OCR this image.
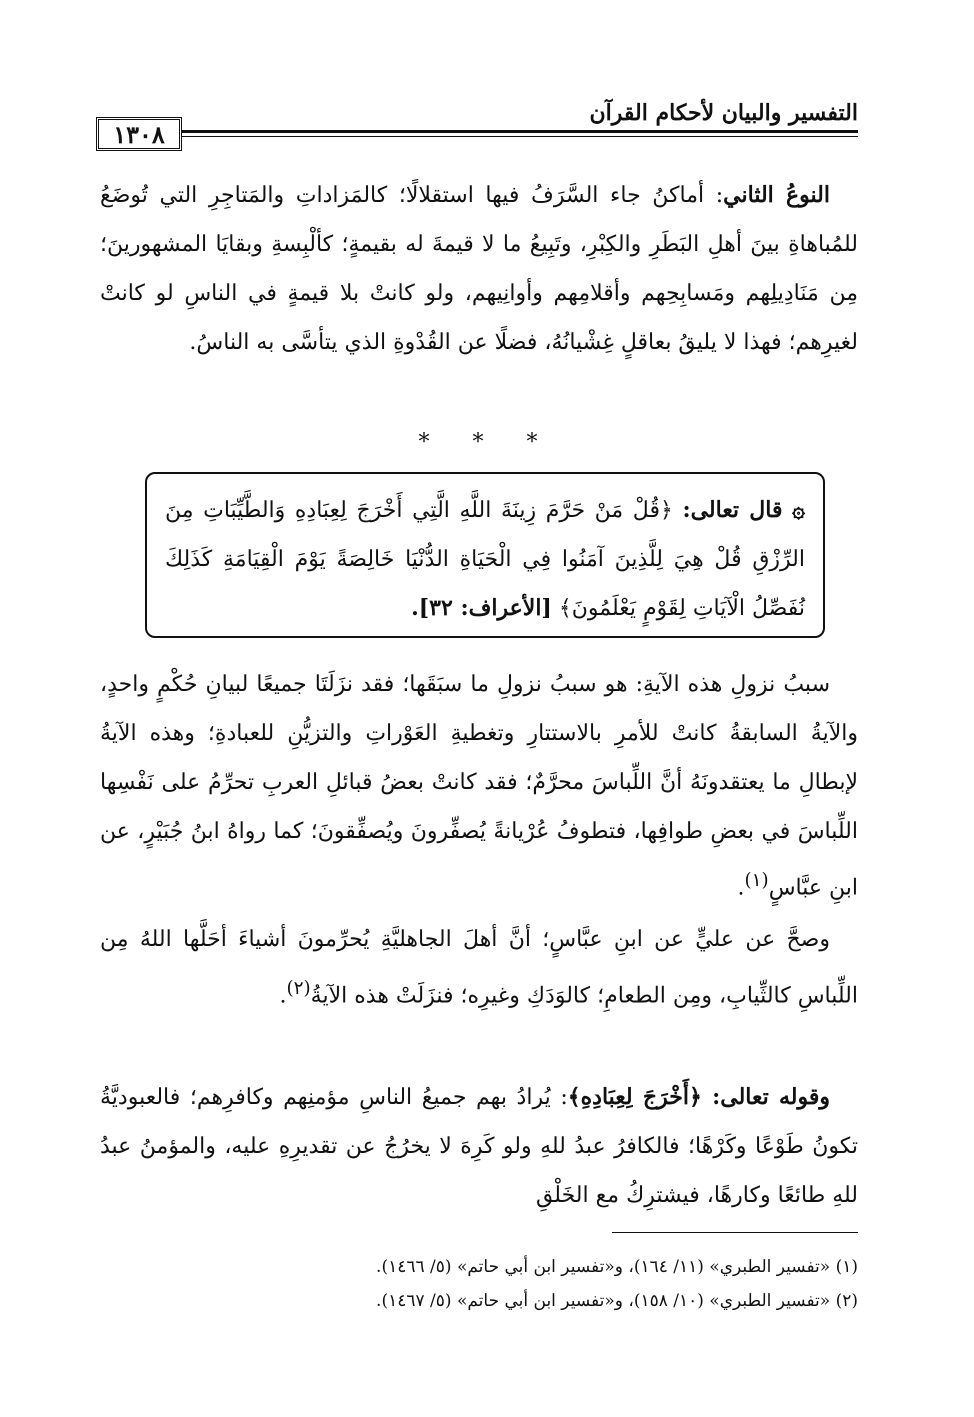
التفسير والبيان لأحكام القرآن
١٣٠٨

النوعُ الثاني: أماكنُ جاء السَّرَفُ فيها استقلالًا؛ كالمَزاداتِ والمَتاجِرِ التي تُوضَعُ للمُباهاةِ بينَ أهلِ البَطَرِ والكِبْرِ، وتَبِيعُ ما لا قيمةَ له بقيمةٍ؛ كألْبِسةِ وبقايَا المشهورينَ؛ مِن مَنَادِيلِهم ومَسابِحِهم وأقلامِهم وأوانِيهم، ولو كانتْ بلا قيمةٍ في الناسِ لو كانتْ لغيرِهم؛ فهذا لا يليقُ بعاقلٍ غِشْيانُهُ، فضلًا عن القُدْوةِ الذي يتأسَّى به الناسُ.

* * *
۞ قال تعالى: ﴿قُلْ مَنْ حَرَّمَ زِينَةَ اللَّهِ الَّتِي أَخْرَجَ لِعِبَادِهِ وَالطَّيِّبَاتِ مِنَ الرِّزْقِ قُلْ هِيَ لِلَّذِينَ آمَنُوا فِي الْحَيَاةِ الدُّنْيَا خَالِصَةً يَوْمَ الْقِيَامَةِ كَذَلِكَ نُفَصِّلُ الْآيَاتِ لِقَوْمٍ يَعْلَمُونَ﴾ [الأعراف: ٣٢].

سببُ نزولِ هذه الآيةِ: هو سببُ نزولِ ما سبَقَها؛ فقد نزَلَتَا جميعًا لبيانِ حُكْمٍ واحدٍ، والآيةُ السابقةُ كانتْ للأمرِ بالاستتارِ وتغطيةِ العَوْراتِ والتزيُّنِ للعبادةِ؛ وهذه الآيةُ لإبطالِ ما يعتقدونَهُ أنَّ اللِّباسَ محرَّمٌ؛ فقد كانتْ بعضُ قبائلِ العربِ تحرِّمُ على نَفْسِها اللِّباسَ في بعضِ طوافِها، فتطوفُ عُرْيانةً يُصفِّرونَ ويُصفِّقونَ؛ كما رواهُ ابنُ جُبَيْرٍ، عن ابنِ عبَّاسٍ$^{(١)}$.

وصحَّ عن عليٍّ عن ابنِ عبَّاسٍ؛ أنَّ أهلَ الجاهليَّةِ يُحرِّمونَ أشياءَ أحَلَّها اللهُ مِن اللِّباسِ كالثِّيابِ، ومِن الطعامِ؛ كالوَدَكِ وغيرِه؛ فنزَلَتْ هذه الآيةُ$^{(٢)}$.

وقوله تعالى: ﴿أَخْرَجَ لِعِبَادِهِ﴾: يُرادُ بهم جميعُ الناسِ مؤمنِهم وكافرِهم؛ فالعبوديَّةُ تكونُ طَوْعًا وكَرْهًا؛ فالكافرُ عبدُ للهِ ولو كَرِهَ لا يخرُجُ عن تقديرِهِ عليه، والمؤمنُ عبدُ للهِ طائعًا وكارهًا، فيشترِكُ مع الخَلْقِ

(١) «تفسير الطبري» (١١/ ١٦٤)، و«تفسير ابن أبي حاتم» (٥/ ١٤٦٦).
(٢) «تفسير الطبري» (١٠/ ١٥٨)، و«تفسير ابن أبي حاتم» (٥/ ١٤٦٧).
